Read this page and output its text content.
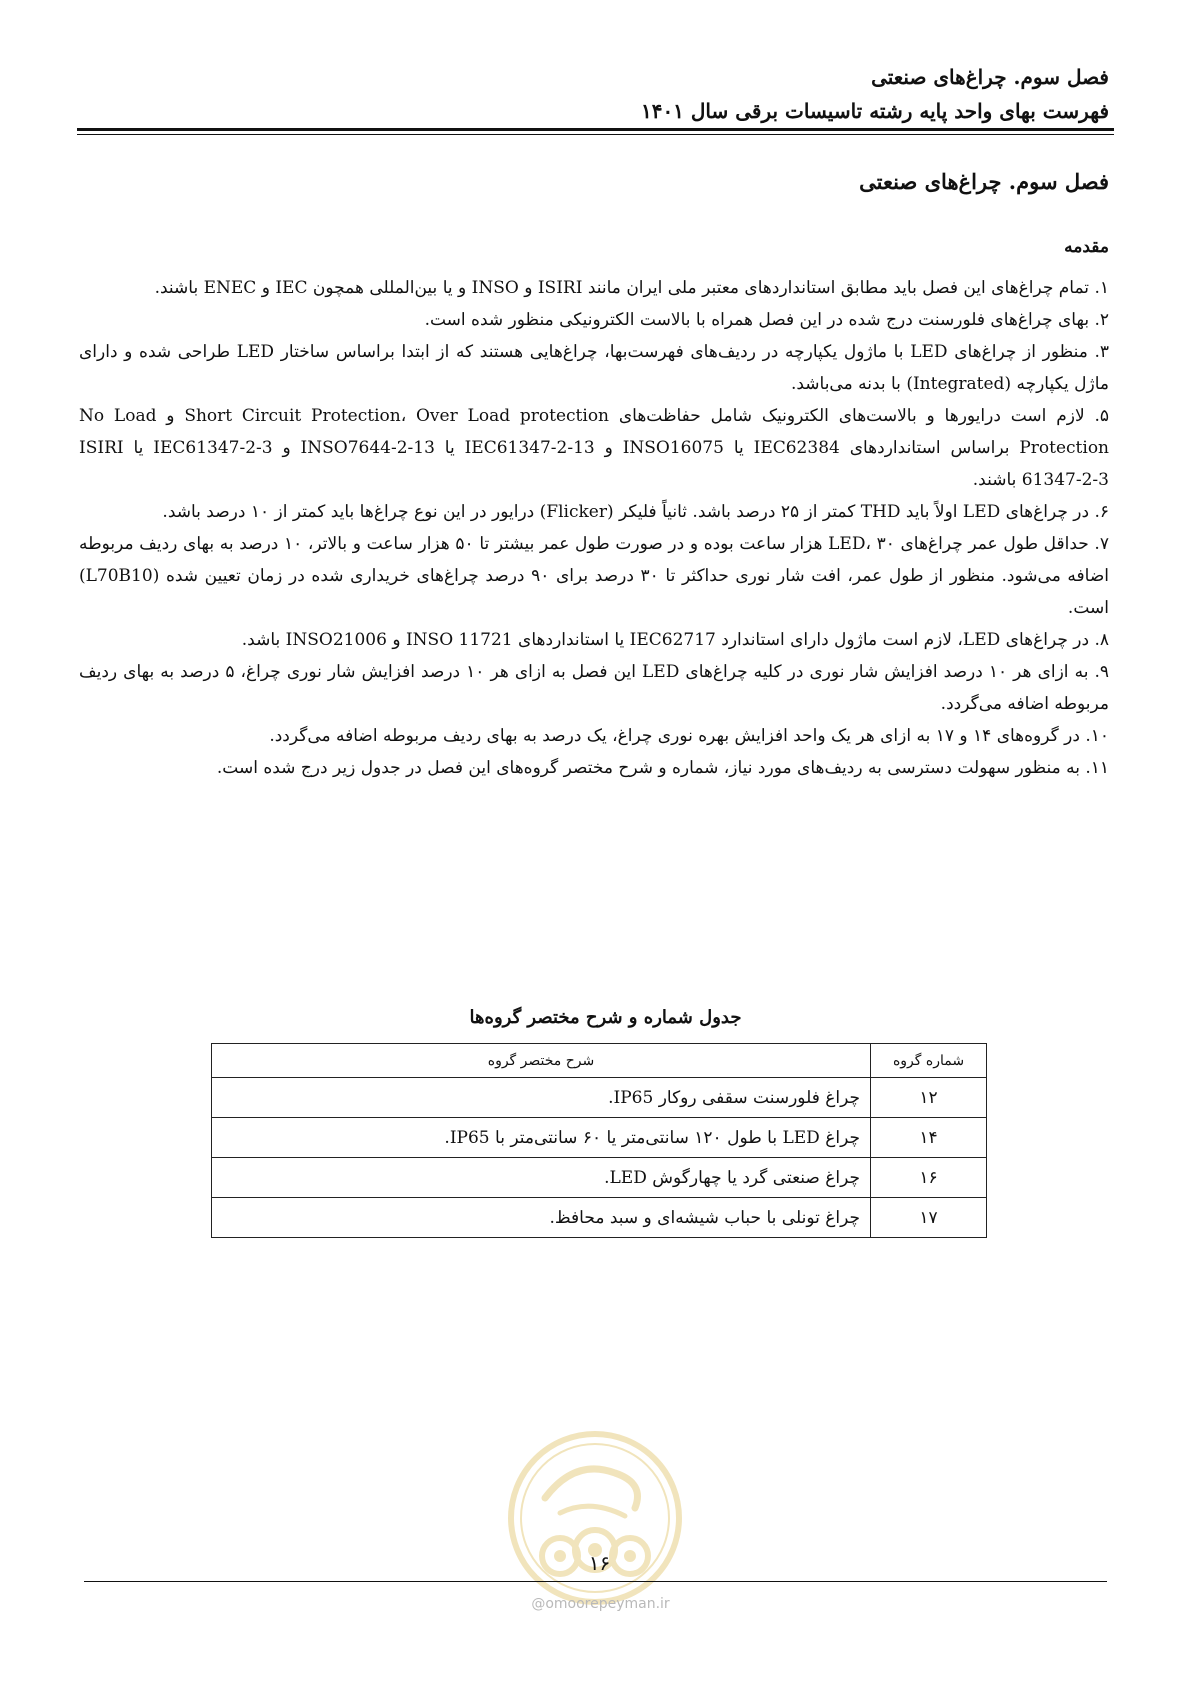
فصل سوم. چراغ‌های صنعتی
فهرست بهای واحد پایه رشته تاسیسات برقی سال ۱۴۰۱
فصل سوم. چراغ‌های صنعتی
مقدمه

۱. تمام چراغ‌های این فصل باید مطابق استانداردهای معتبر ملی ایران مانند ISIRI و INSO و یا بین‌المللی همچون IEC و ENEC باشند.

۲. بهای چراغ‌های فلورسنت درج شده در این فصل همراه با بالاست الکترونیکی منظور شده است.

۳. منظور از چراغ‌های LED با ماژول یکپارچه در ردیف‌های فهرست‌بها، چراغ‌هایی هستند که از ابتدا براساس ساختار LED طراحی شده و دارای ماژل یکپارچه (Integrated) با بدنه می‌باشد.

۵. لازم است درایورها و بالاست‌های الکترونیک شامل حفاظت‌های Short Circuit Protection، Over Load protection و No Load Protection براساس استانداردهای IEC62384 یا INSO16075 و IEC61347-2-13 یا INSO7644-2-13 و IEC61347-2-3 یا ISIRI 61347-2-3 باشند.

۶. در چراغ‌های LED اولاً باید THD کمتر از ۲۵ درصد باشد. ثانیاً فلیکر (Flicker) درایور در این نوع چراغ‌ها باید کمتر از ۱۰ درصد باشد.

۷. حداقل طول عمر چراغ‌های LED، ۳۰ هزار ساعت بوده و در صورت طول عمر بیشتر تا ۵۰ هزار ساعت و بالاتر، ۱۰ درصد به بهای ردیف مربوطه اضافه می‌شود. منظور از طول عمر، افت شار نوری حداکثر تا ۳۰ درصد برای ۹۰ درصد چراغ‌های خریداری شده در زمان تعیین شده (L70B10) است.

۸. در چراغ‌های LED، لازم است ماژول دارای استاندارد IEC62717 یا استانداردهای INSO 11721 و INSO21006 باشد.

۹. به ازای هر ۱۰ درصد افزایش شار نوری در کلیه چراغ‌های LED این فصل به ازای هر ۱۰ درصد افزایش شار نوری چراغ، ۵ درصد به بهای ردیف مربوطه اضافه می‌گردد.

۱۰. در گروه‌های ۱۴ و ۱۷ به ازای هر یک واحد افزایش بهره نوری چراغ، یک درصد به بهای ردیف مربوطه اضافه می‌گردد.

۱۱. به منظور سهولت دسترسی به ردیف‌های مورد نیاز، شماره و شرح مختصر گروه‌های این فصل در جدول زیر درج شده است.

جدول شماره و شرح مختصر گروه‌ها
شماره گروه	شرح مختصر گروه
۱۲	چراغ فلورسنت سقفی روکار IP65.
۱۴	چراغ LED با طول ۱۲۰ سانتی‌متر یا ۶۰ سانتی‌متر با IP65.
۱۶	چراغ صنعتی گرد یا چهارگوش LED.
۱۷	چراغ تونلی با حباب شیشه‌ای و سبد محافظ.
۱۶
@omoorepeyman.ir
